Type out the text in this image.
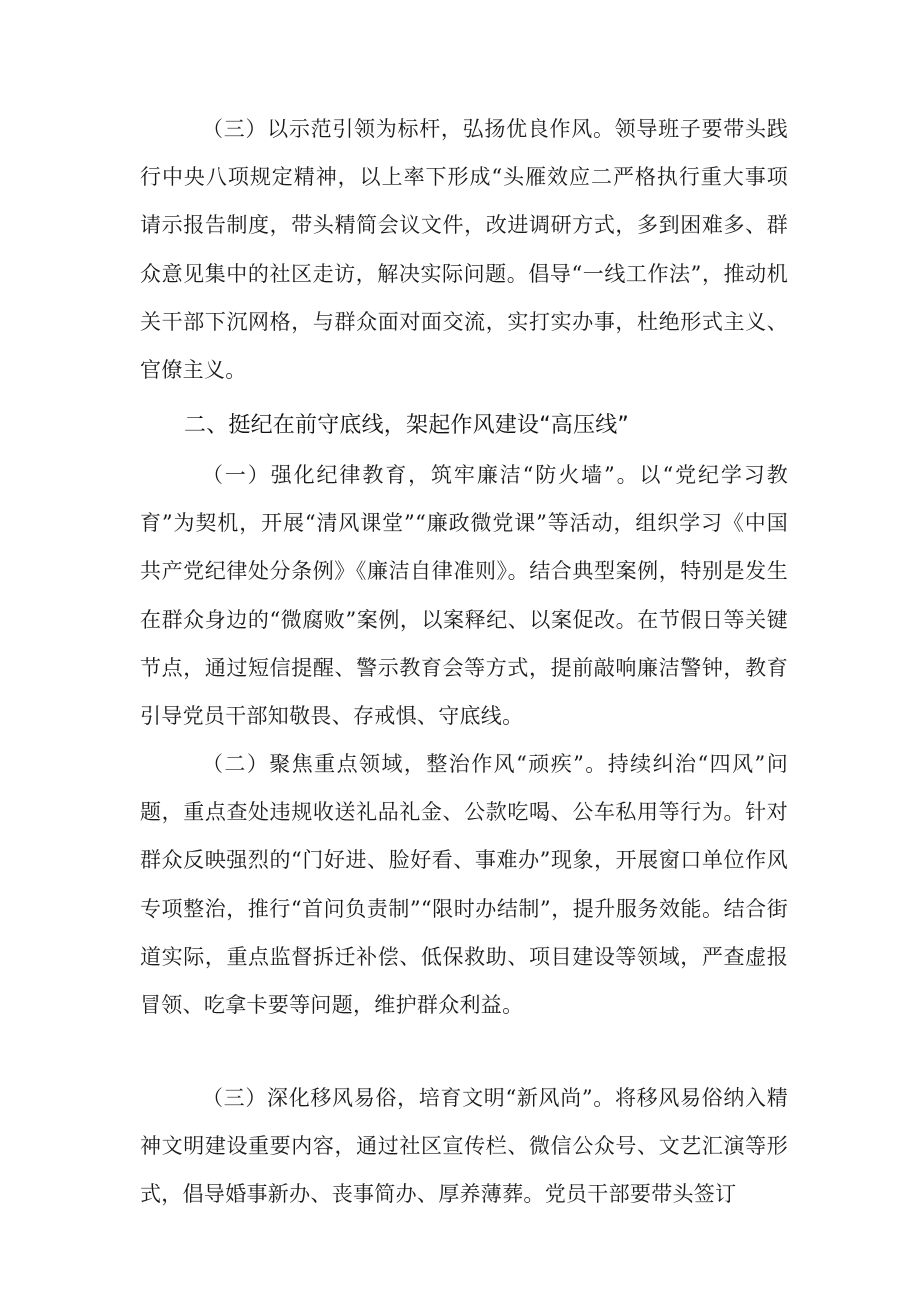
（三）以示范引领为标杆，弘扬优良作风。领导班子要带头践行中央八项规定精神，以上率下形成“头雁效应二严格执行重大事项请示报告制度，带头精简会议文件，改进调研方式，多到困难多、群众意见集中的社区走访，解决实际问题。倡导“一线工作法”，推动机关干部下沉网格，与群众面对面交流，实打实办事，杜绝形式主义、官僚主义。

二、挺纪在前守底线，架起作风建设“高压线”

（一）强化纪律教育，筑牢廉洁“防火墙”。以“党纪学习教育”为契机，开展“清风课堂”“廉政微党课”等活动，组织学习《中国共产党纪律处分条例》《廉洁自律准则》。结合典型案例，特别是发生在群众身边的“微腐败”案例，以案释纪、以案促改。在节假日等关键节点，通过短信提醒、警示教育会等方式，提前敲响廉洁警钟，教育引导党员干部知敬畏、存戒惧、守底线。

（二）聚焦重点领域，整治作风“顽疾”。持续纠治“四风”问题，重点查处违规收送礼品礼金、公款吃喝、公车私用等行为。针对群众反映强烈的“门好进、脸好看、事难办”现象，开展窗口单位作风专项整治，推行“首问负责制”“限时办结制”，提升服务效能。结合街道实际，重点监督拆迁补偿、低保救助、项目建设等领域，严查虚报冒领、吃拿卡要等问题，维护群众利益。

（三）深化移风易俗，培育文明“新风尚”。将移风易俗纳入精神文明建设重要内容，通过社区宣传栏、微信公众号、文艺汇演等形式，倡导婚事新办、丧事简办、厚养薄葬。党员干部要带头签订
